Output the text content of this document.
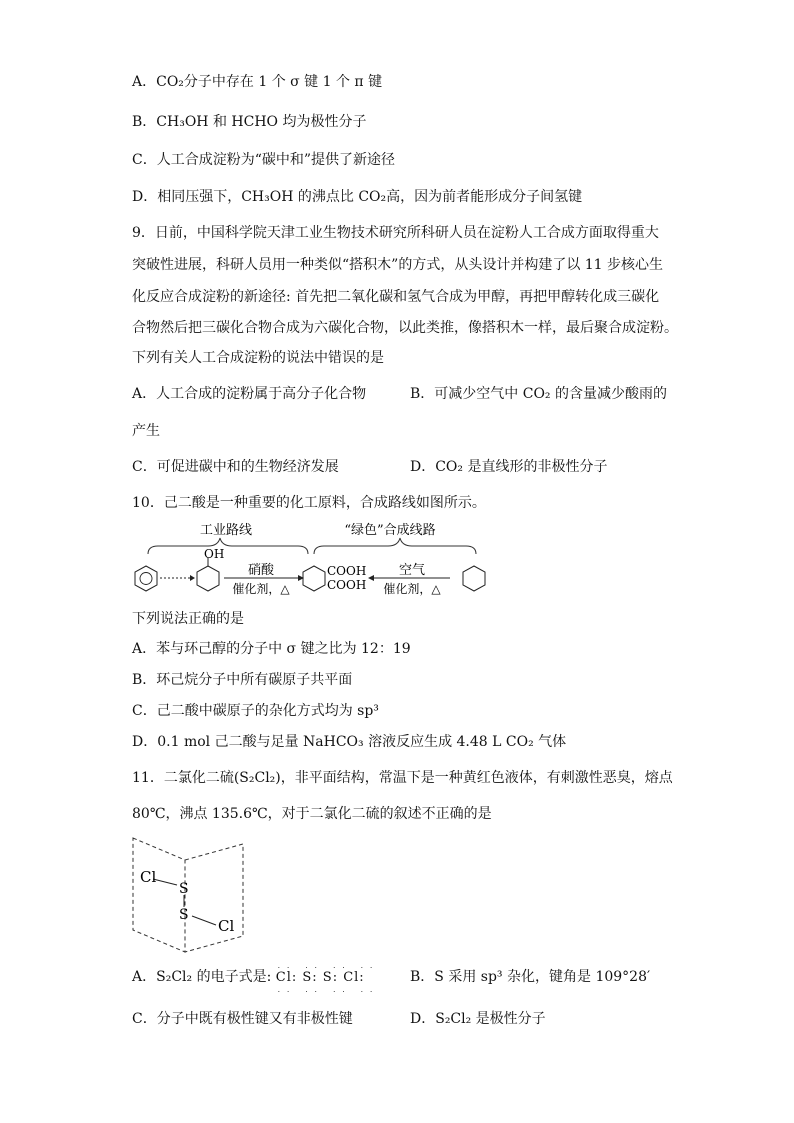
A．CO₂分子中存在 1 个 σ 键 1 个 π 键
B．CH₃OH 和 HCHO 均为极性分子
C．人工合成淀粉为“碳中和”提供了新途径
D．相同压强下，CH₃OH 的沸点比 CO₂高，因为前者能形成分子间氢键
9．日前，中国科学院天津工业生物技术研究所科研人员在淀粉人工合成方面取得重大
突破性进展，科研人员用一种类似“搭积木”的方式，从头设计并构建了以 11 步核心生
化反应合成淀粉的新途径: 首先把二氧化碳和氢气合成为甲醇，再把甲醇转化成三碳化
合物然后把三碳化合物合成为六碳化合物，以此类推，像搭积木一样，最后聚合成淀粉。
下列有关人工合成淀粉的说法中错误的是
A．人工合成的淀粉属于高分子化合物	B．可减少空气中 CO₂ 的含量减少酸雨的
产生
C．可促进碳中和的生物经济发展	D．CO₂ 是直线形的非极性分子
10．己二酸是一种重要的化工原料，合成路线如图所示。
工业路线	“绿色”合成线路
OH
硝酸
催化剂，△
COOH
COOH
空气
催化剂，△
下列说法正确的是
A．苯与环己醇的分子中 σ 键之比为 12：19
B．环己烷分子中所有碳原子共平面
C．己二酸中碳原子的杂化方式均为 sp³
D．0.1 mol 己二酸与足量 NaHCO₃ 溶液反应生成 4.48 L CO₂ 气体
11．二氯化二硫(S₂Cl₂)，非平面结构，常温下是一种黄红色液体，有刺激性恶臭，熔点
80℃，沸点 135.6℃，对于二氯化二硫的叙述不正确的是
Cl
S
S
Cl
A．S₂Cl₂ 的电子式是:
·· ·· ·· ··
Cl: S: S: Cl:
·· ·· ·· ··
B．S 采用 sp³ 杂化，键角是 109°28′
C．分子中既有极性键又有非极性键	D．S₂Cl₂ 是极性分子
